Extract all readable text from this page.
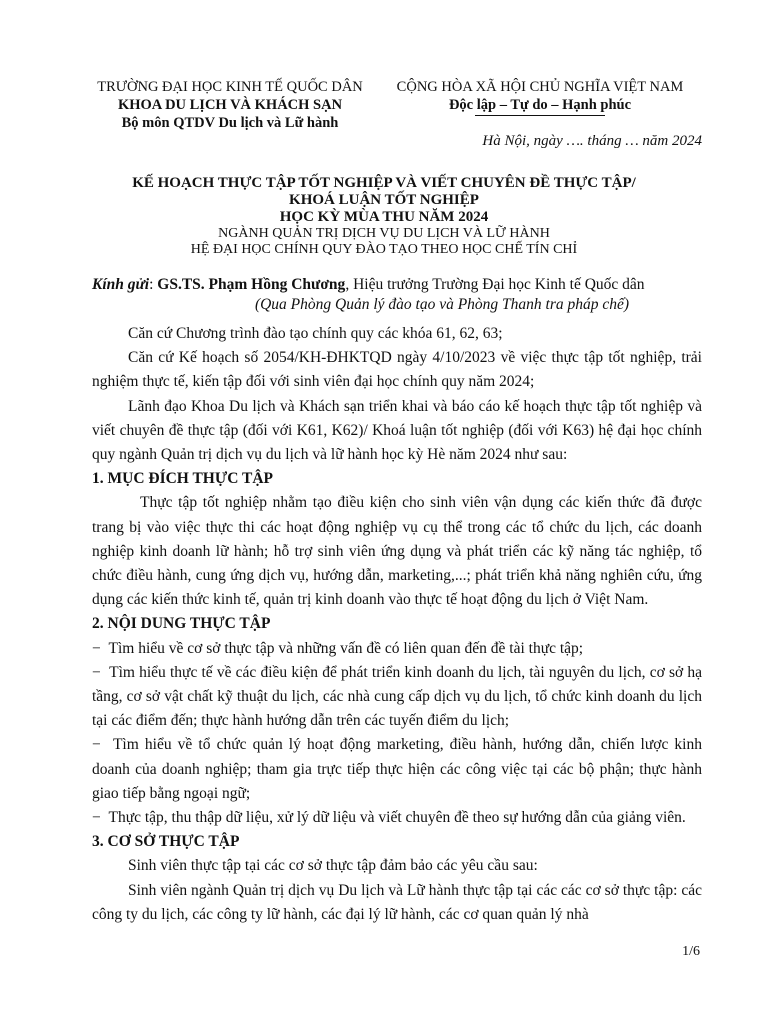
TRƯỜNG ĐẠI HỌC KINH TẾ QUỐC DÂN
KHOA DU LỊCH VÀ KHÁCH SẠN
Bộ môn QTDV Du lịch và Lữ hành
CỘNG HÒA XÃ HỘI CHỦ NGHĨA VIỆT NAM
Độc lập – Tự do – Hạnh phúc
Hà Nội, ngày …. tháng … năm 2024
KẾ HOẠCH THỰC TẬP TỐT NGHIỆP VÀ VIẾT CHUYÊN ĐỀ THỰC TẬP/
KHOÁ LUẬN TỐT NGHIỆP
HỌC KỲ MÙA THU NĂM 2024
NGÀNH QUẢN TRỊ DỊCH VỤ DU LỊCH VÀ LỮ HÀNH
HỆ ĐẠI HỌC CHÍNH QUY ĐÀO TẠO THEO HỌC CHẾ TÍN CHỈ
Kính gửi: GS.TS. Phạm Hồng Chương, Hiệu trưởng Trường Đại học Kinh tế Quốc dân
(Qua Phòng Quản lý đào tạo và Phòng Thanh tra pháp chế)

Căn cứ Chương trình đào tạo chính quy các khóa 61, 62, 63;

Căn cứ Kế hoạch số 2054/KH-ĐHKTQD ngày 4/10/2023 về việc thực tập tốt nghiệp, trải nghiệm thực tế, kiến tập đối với sinh viên đại học chính quy năm 2024;

Lãnh đạo Khoa Du lịch và Khách sạn triển khai và báo cáo kế hoạch thực tập tốt nghiệp và viết chuyên đề thực tập (đối với K61, K62)/ Khoá luận tốt nghiệp (đối với K63) hệ đại học chính quy ngành Quản trị dịch vụ du lịch và lữ hành học kỳ Hè năm 2024 như sau:

1. MỤC ĐÍCH THỰC TẬP

Thực tập tốt nghiệp nhằm tạo điều kiện cho sinh viên vận dụng các kiến thức đã được trang bị vào việc thực thi các hoạt động nghiệp vụ cụ thể trong các tổ chức du lịch, các doanh nghiệp kinh doanh lữ hành; hỗ trợ sinh viên ứng dụng và phát triển các kỹ năng tác nghiệp, tổ chức điều hành, cung ứng dịch vụ, hướng dẫn, marketing,...; phát triển khả năng nghiên cứu, ứng dụng các kiến thức kinh tế, quản trị kinh doanh vào thực tế hoạt động du lịch ở Việt Nam.

2. NỘI DUNG THỰC TẬP

−  Tìm hiểu về cơ sở thực tập và những vấn đề có liên quan đến đề tài thực tập;

−  Tìm hiểu thực tế về các điều kiện để phát triển kinh doanh du lịch, tài nguyên du lịch, cơ sở hạ tầng, cơ sở vật chất kỹ thuật du lịch, các nhà cung cấp dịch vụ du lịch, tổ chức kinh doanh du lịch tại các điểm đến; thực hành hướng dẫn trên các tuyến điểm du lịch;

−  Tìm hiểu về tổ chức quản lý hoạt động marketing, điều hành, hướng dẫn, chiến lược kinh doanh của doanh nghiệp; tham gia trực tiếp thực hiện các công việc tại các bộ phận; thực hành giao tiếp bằng ngoại ngữ;

−  Thực tập, thu thập dữ liệu, xử lý dữ liệu và viết chuyên đề theo sự hướng dẫn của giảng viên.

3. CƠ SỞ THỰC TẬP

Sinh viên thực tập tại các cơ sở thực tập đảm bảo các yêu cầu sau:

Sinh viên ngành Quản trị dịch vụ Du lịch và Lữ hành thực tập tại các các cơ sở thực tập: các công ty du lịch, các công ty lữ hành, các đại lý lữ hành, các cơ quan quản lý nhà

1/6
